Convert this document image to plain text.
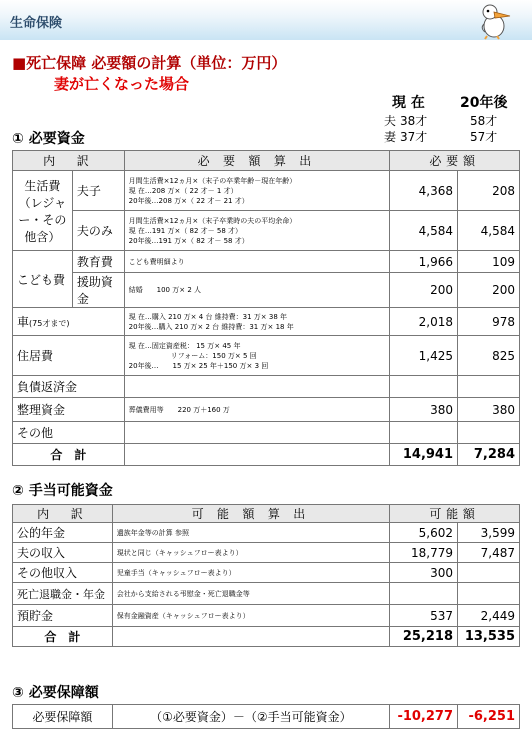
生命保険
■死亡保障 必要額の計算（単位：万円）
妻が亡くなった場合
現 在	20年後
夫 38才	58才
妻 37才	57才
① 必要資金
内　訳		必 要 額 算 出	必要額	
生活費（レジャー・その他含）	夫子	月間生活費×12ヵ月×（末子の卒業年齢－現在年齢）
現 在…208 万×（ 22 才－ 1 才）
20年後…208 万×（ 22 才－ 21 才）	4,368	208
	夫のみ	月間生活費×12ヵ月×（末子卒業時の夫の平均余命）
現 在…191 万×（ 82 才－ 58 才）
20年後…191 万×（ 82 才－ 58 才）	4,584	4,584
こども費	教育費	こども費明細より	1,966	109
	援助資金	結婚　　100 万× 2 人	200	200
車(75才まで)		現 在…購入 210 万× 4 台 維持費：31 万× 38 年
20年後…購入 210 万× 2 台 維持費：31 万× 18 年	2,018	978
住居費		現 在…固定資産税： 15 万× 45 年
リフォーム：150 万× 5 回
20年後…　　15 万× 25 年＋150 万× 3 回	1,425	825
負債返済金				
整理資金		葬儀費用等　　220 万＋160 万	380	380
その他				
合　計			14,941	7,284
② 手当可能資金
内　訳	可 能 額 算 出	可能額	
公的年金	遺族年金等の計算 参照	5,602	3,599
夫の収入	現状と同じ（キャッシュフロー表より）	18,779	7,487
その他収入	児童手当（キャッシュフロー表より）	300	
死亡退職金・年金	会社から支給される弔慰金・死亡退職金等		
預貯金	保有金融資産（キャッシュフロー表より）	537	2,449
合　計		25,218	13,535
③ 必要保障額
必要保障額	（①必要資金）－（②手当可能資金）	-10,277	-6,251
